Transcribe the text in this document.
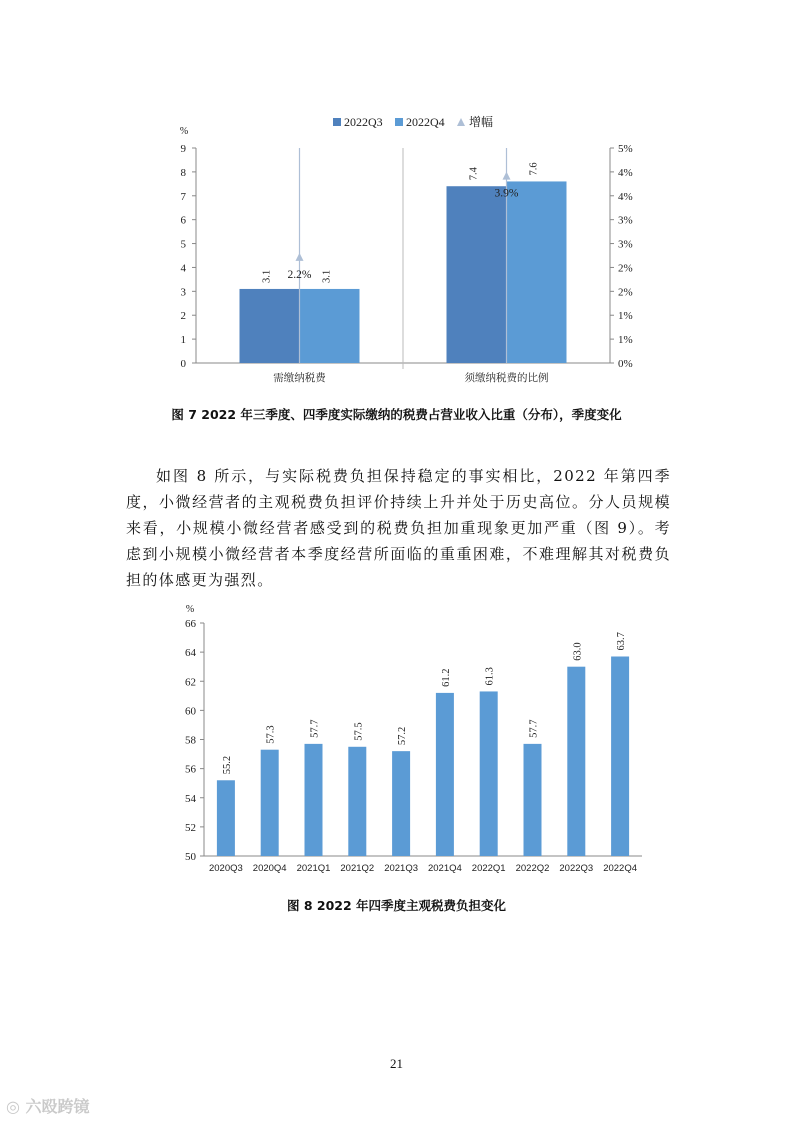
2022Q3 2022Q4 增幅
%
0
1
2
3
4
5
6
7
8
9
0%
1%
1%
2%
2%
3%
3%
4%
4%
5%
需缴纳税费
3.1	3.1
2.2%
须缴纳税费的比例
7.4	7.6
3.9%
图 7 2022 年三季度、四季度实际缴纳的税费占营业收入比重（分布），季度变化

如图 8 所示，与实际税费负担保持稳定的事实相比，2022 年第四季度，小微经营者的主观税费负担评价持续上升并处于历史高位。分人员规模来看，小规模小微经营者感受到的税费负担加重现象更加严重（图 9）。考虑到小规模小微经营者本季度经营所面临的重重困难，不难理解其对税费负担的体感更为强烈。

%
50
52
54
56
58
60
62
64
66
55.2
2020Q3
57.3
2020Q4
57.7
2021Q1
57.5
2021Q2
57.2
2021Q3
61.2
2021Q4
61.3
2022Q1
57.7
2022Q2
63.0
2022Q3
63.7
2022Q4
图 8 2022 年四季度主观税费负担变化
21
◎ 六殴跨镜
